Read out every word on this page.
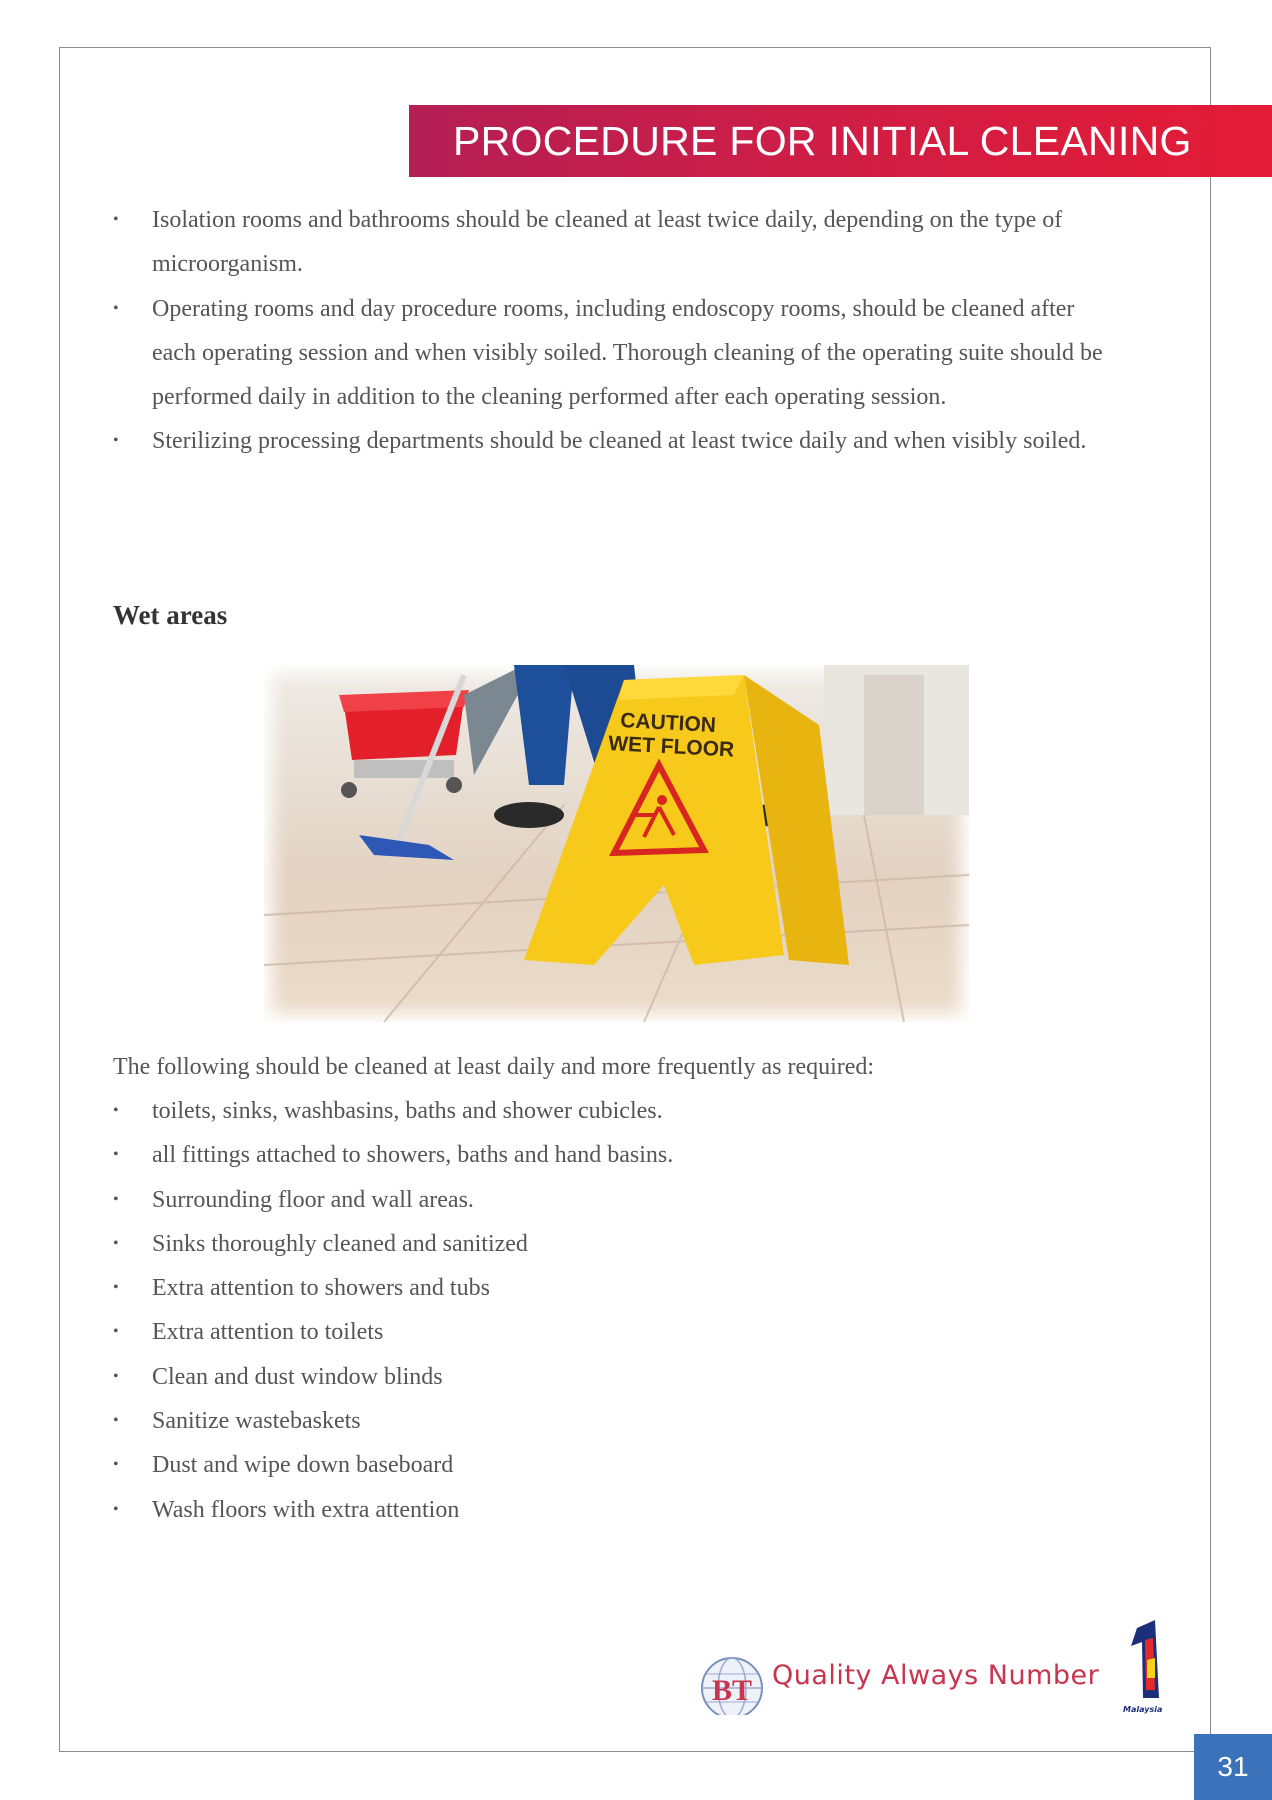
PROCEDURE FOR INITIAL CLEANING
•
Isolation rooms and bathrooms should be cleaned at least twice daily, depending on the type of microorganism.
•
Operating rooms and day procedure rooms, including endoscopy rooms, should be cleaned after each operating session and when visibly soiled. Thorough cleaning of the operating suite should be performed daily in addition to the cleaning performed after each operating session.
•
Sterilizing processing departments should be cleaned at least twice daily and when visibly soiled.
Wet areas
CAUTION
WET FLOOR

The following should be cleaned at least daily and more frequently as required:

•
toilets, sinks, washbasins, baths and shower cubicles.
•
all fittings attached to showers, baths and hand basins.
•
Surrounding floor and wall areas.
•
Sinks thoroughly cleaned and sanitized
•
Extra attention to showers and tubs
•
Extra attention to toilets
•
Clean and dust window blinds
•
Sanitize wastebaskets
•
Dust and wipe down baseboard
•
Wash floors with extra attention
BT Quality Always Number
Malaysia
31
